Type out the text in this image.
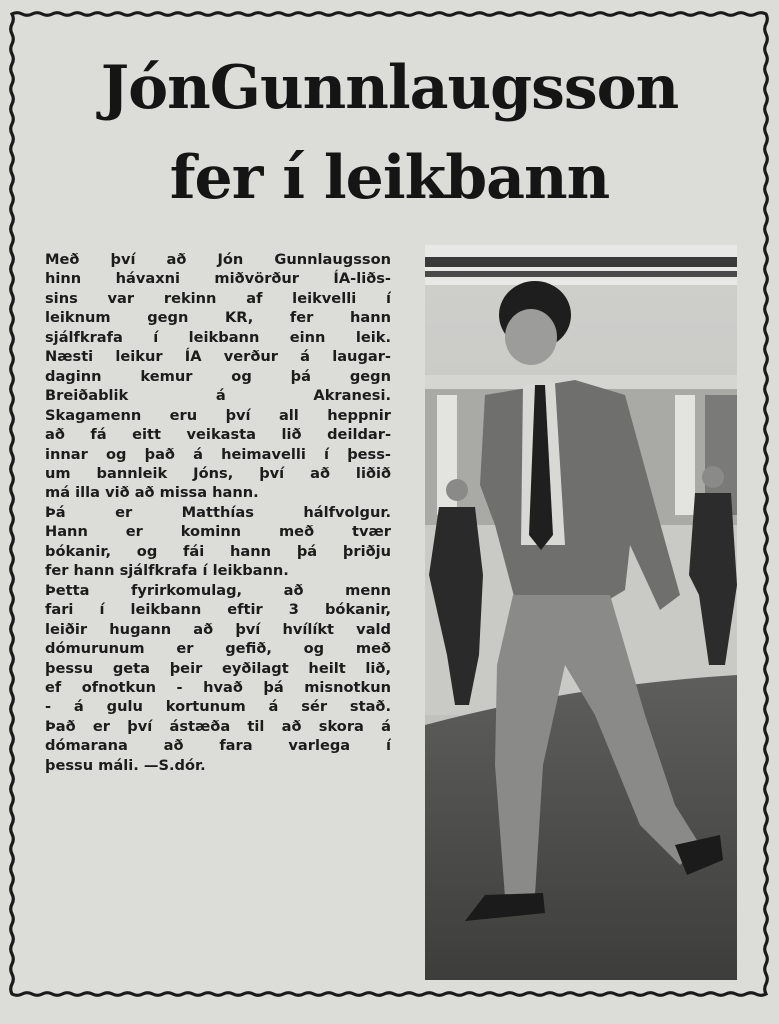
JónGunnlaugsson
fer í leikbann

Með því að Jón Gunnlaugsson
hinn hávaxni miðvörður ÍA-liðs-
sins var rekinn af leikvelli í
leiknum gegn KR, fer hann
sjálfkrafa í leikbann einn leik.
Næsti leikur ÍA verður á laugar-
daginn kemur og þá gegn
Breiðablik á Akranesi.
Skagamenn eru því all heppnir
að fá eitt veikasta lið deildar-
innar og það á heimavelli í þess-
um bannleik Jóns, því að liðið
má illa við að missa hann.

Þá er Matthías hálfvolgur.
Hann er kominn með tvær
bókanir, og fái hann þá þriðju
fer hann sjálfkrafa í leikbann.

Þetta fyrirkomulag, að menn
fari í leikbann eftir 3 bókanir,
leiðir hugann að því hvílíkt vald
dómurunum er gefið, og með
þessu geta þeir eyðilagt heilt lið,
ef ofnotkun - hvað þá misnotkun
- á gulu kortunum á sér stað.
Það er því ástæða til að skora á
dómarana að fara varlega í
þessu máli. —S.dór.
